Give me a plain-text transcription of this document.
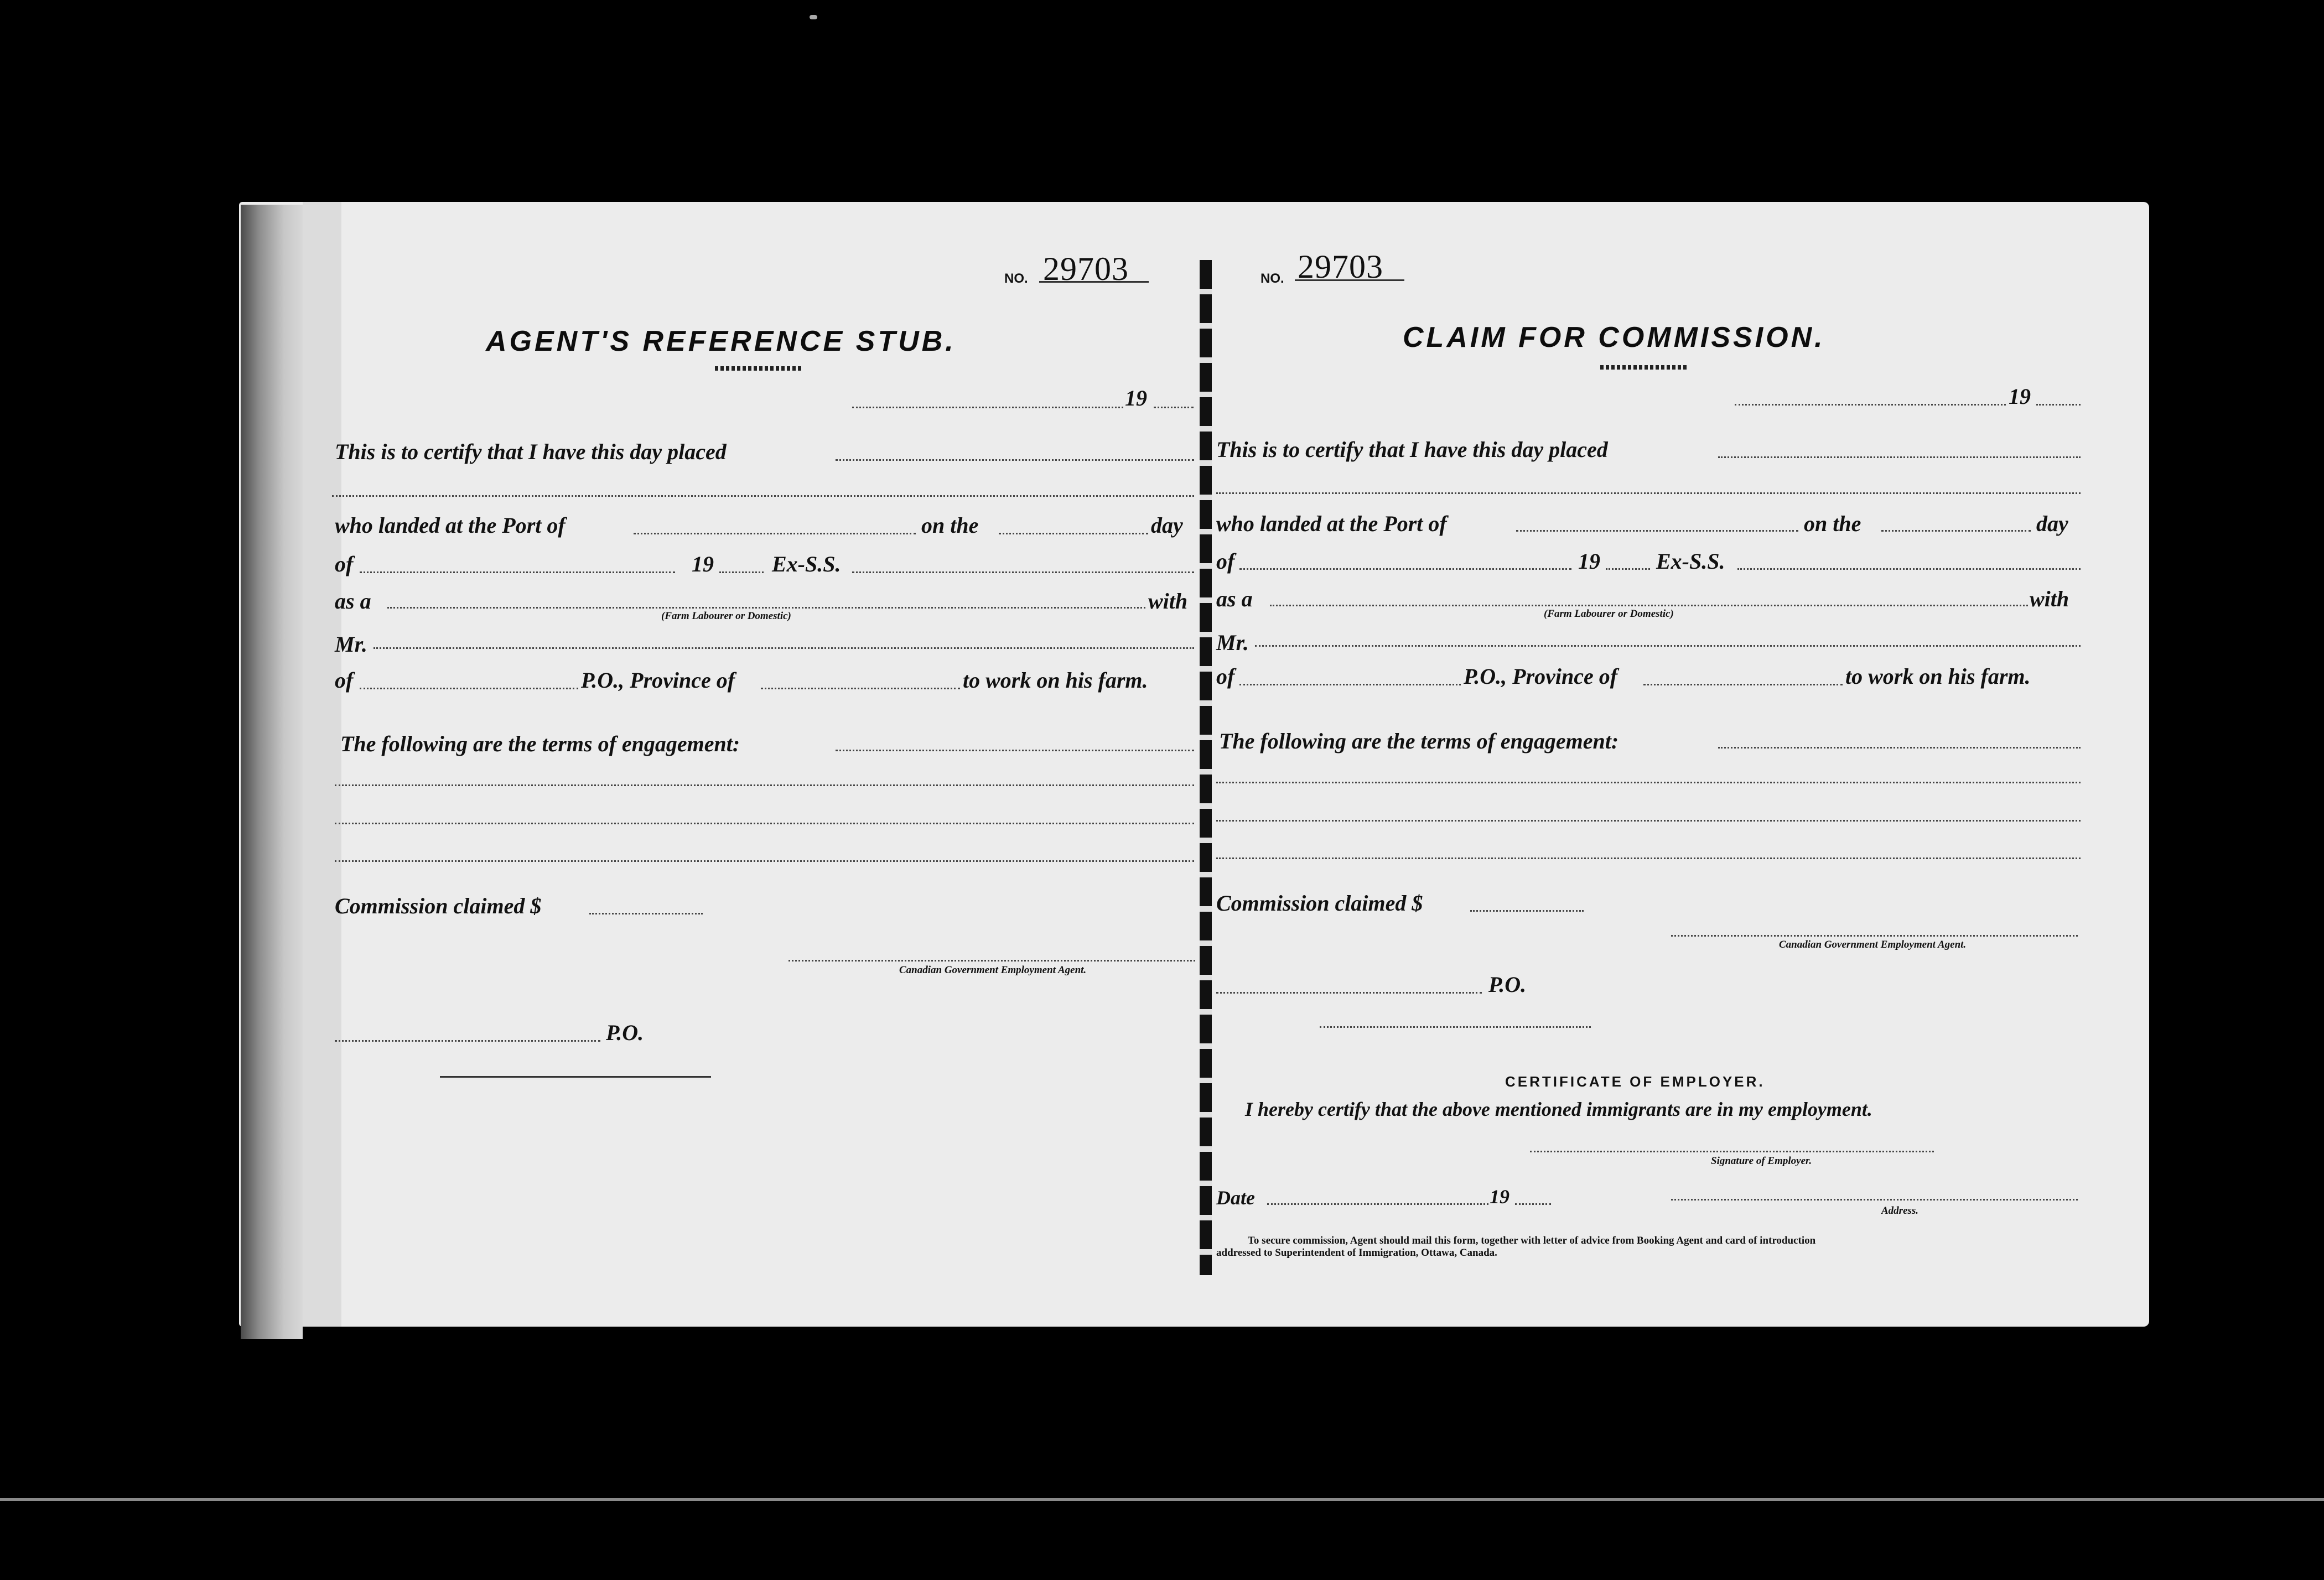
NO. 29703
AGENT'S REFERENCE STUB.
19
This is to certify that I have this day placed
who landed at the Port of	on the	day
of	19	Ex-S.S.
as a
(Farm Labourer or Domestic)
with
Mr.
of	P.O., Province of	to work on his farm.
The following are the terms of engagement:
Commission claimed $
Canadian Government Employment Agent.
P.O.
NO. 29703
CLAIM FOR COMMISSION.
19
This is to certify that I have this day placed
who landed at the Port of	on the	day
of	19	Ex-S.S.
as a
(Farm Labourer or Domestic)
with
Mr.
of	P.O., Province of	to work on his farm.
The following are the terms of engagement:
Commission claimed $
Canadian Government Employment Agent.
P.O.
CERTIFICATE OF EMPLOYER.
I hereby certify that the above mentioned immigrants are in my employment.
Signature of Employer.
Date	19
Address.
To secure commission, Agent should mail this form, together with letter of advice from Booking Agent and card of introduction
addressed to Superintendent of Immigration, Ottawa, Canada.
